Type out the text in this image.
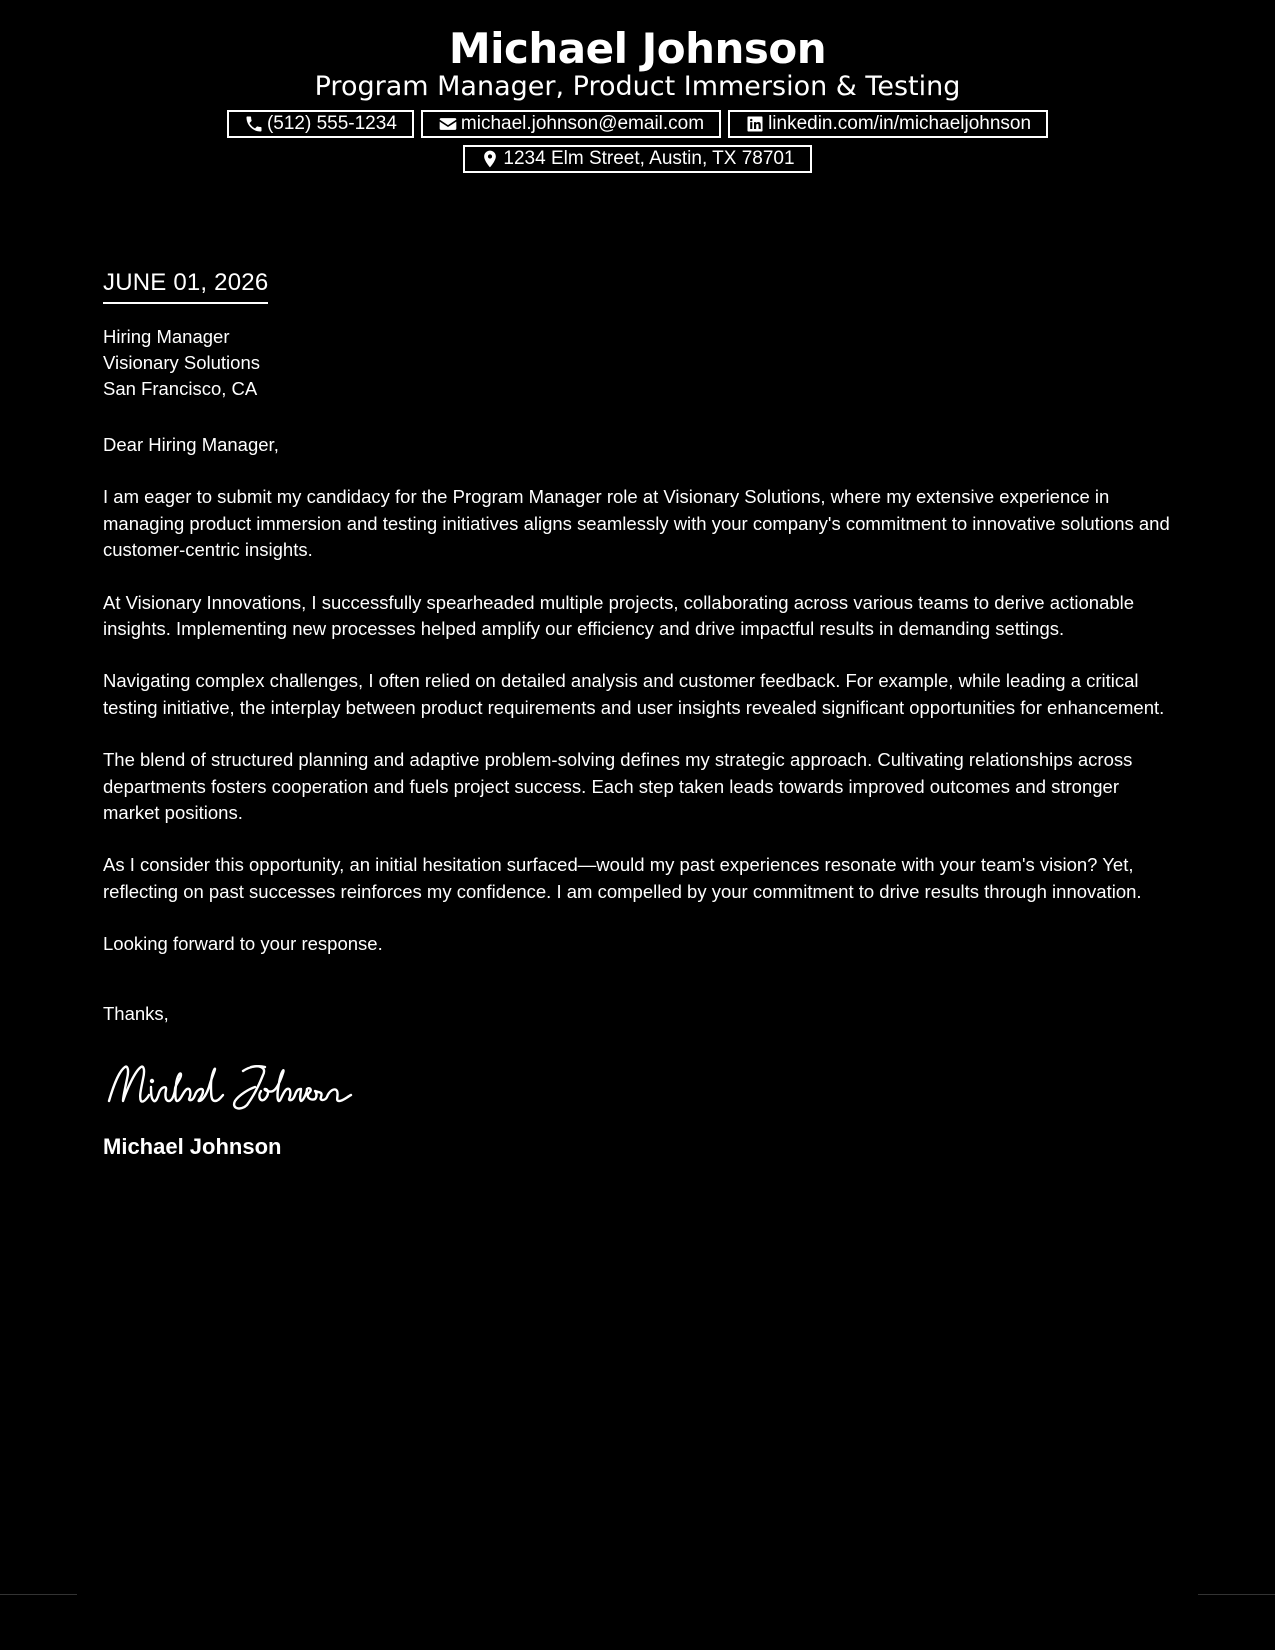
Michael Johnson
Program Manager, Product Immersion & Testing
(512) 555-1234	michael.johnson@email.com	linkedin.com/in/michaeljohnson
1234 Elm Street, Austin, TX 78701
JUNE 01, 2026
Hiring Manager
Visionary Solutions
San Francisco, CA
Dear Hiring Manager,

I am eager to submit my candidacy for the Program Manager role at Visionary Solutions, where my extensive experience in managing product immersion and testing initiatives aligns seamlessly with your company's commitment to innovative solutions and customer-centric insights.

At Visionary Innovations, I successfully spearheaded multiple projects, collaborating across various teams to derive actionable insights. Implementing new processes helped amplify our efficiency and drive impactful results in demanding settings.

Navigating complex challenges, I often relied on detailed analysis and customer feedback. For example, while leading a critical testing initiative, the interplay between product requirements and user insights revealed significant opportunities for enhancement.

The blend of structured planning and adaptive problem-solving defines my strategic approach. Cultivating relationships across departments fosters cooperation and fuels project success. Each step taken leads towards improved outcomes and stronger market positions.

As I consider this opportunity, an initial hesitation surfaced—would my past experiences resonate with your team's vision? Yet, reflecting on past successes reinforces my confidence. I am compelled by your commitment to drive results through innovation.

Looking forward to your response.
Thanks,
Michael Johnson
